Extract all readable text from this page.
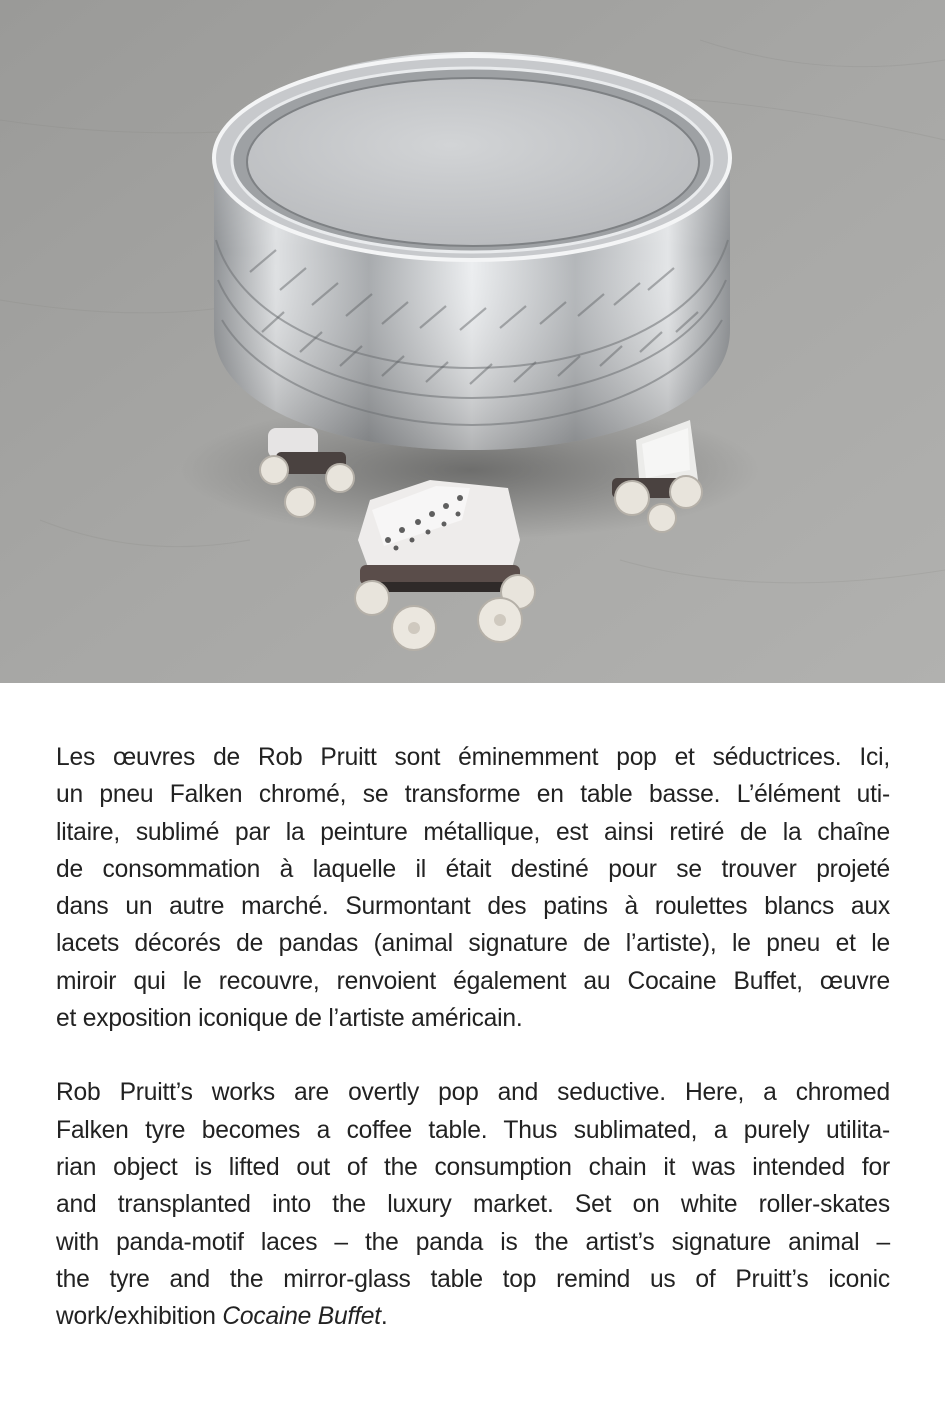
Les œuvres de Rob Pruitt sont éminemment pop et séductrices. Ici,
un pneu Falken chromé, se transforme en table basse. L’élément uti-
litaire, sublimé par la peinture métallique, est ainsi retiré de la chaîne
de consommation à laquelle il était destiné pour se trouver projeté
dans un autre marché. Surmontant des patins à roulettes blancs aux
lacets décorés de pandas (animal signature de l’artiste), le pneu et le
miroir qui le recouvre, renvoient également au Cocaine Buffet, œuvre
et exposition iconique de l’artiste américain.

Rob Pruitt’s works are overtly pop and seductive. Here, a chromed
Falken tyre becomes a coffee table. Thus sublimated, a purely utilita-
rian object is lifted out of the consumption chain it was intended for
and transplanted into the luxury market. Set on white roller-skates
with panda-motif laces – the panda is the artist’s signature animal –
the tyre and the mirror-glass table top remind us of Pruitt’s iconic
work/exhibition Cocaine Buffet.
